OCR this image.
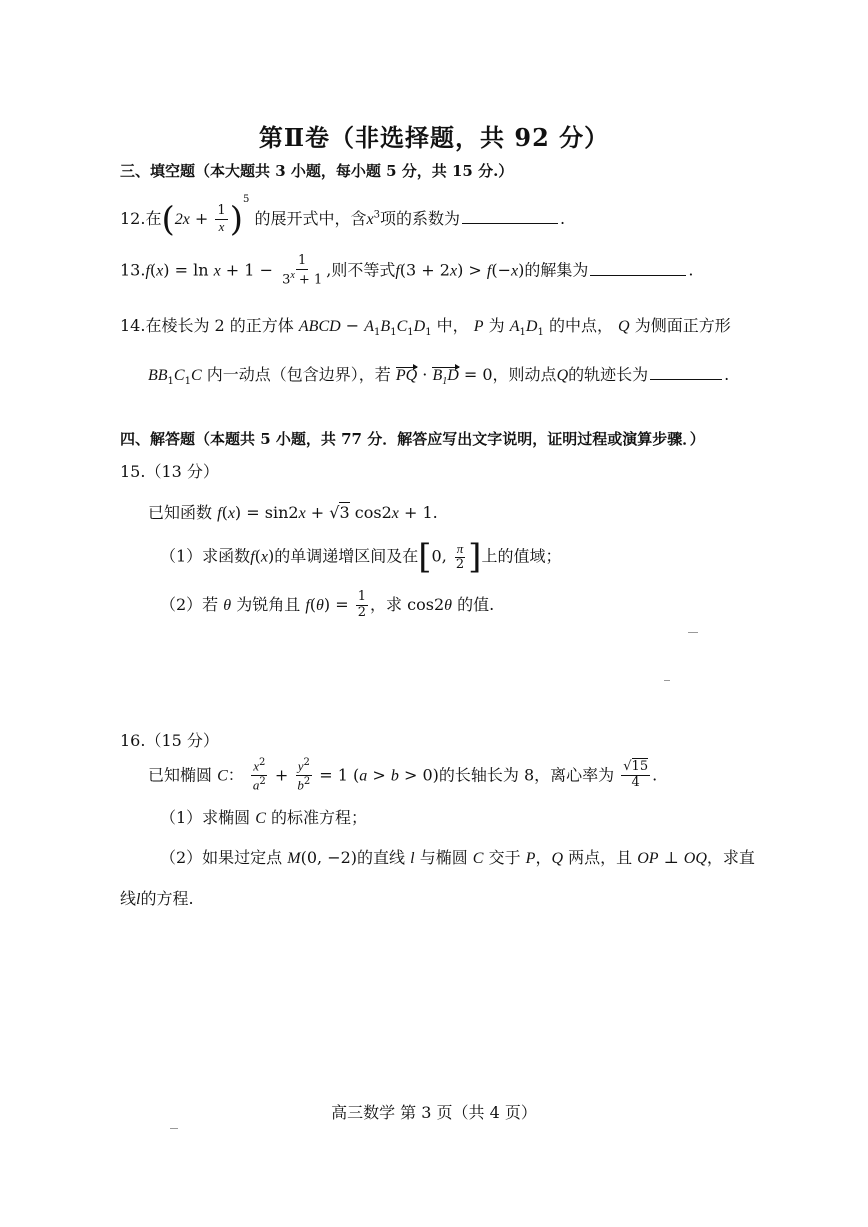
第Ⅱ卷（非选择题，共 92 分）
三、填空题（本大题共 3 小题，每小题 5 分，共 15 分.）
12.在$(2x + \frac{1}{x} )^5$ 的展开式中，含$x^3$项的系数为	.
$13.f(x) = \ln x + 1 - \frac{1}{3^x + 1}$ ,则不等式f(3 + 2x) > f(−x)的解集为	.
14.在棱长为 2 的正方体 ABCD − $A_1B_1C_1D_1$ 中， P 为 $A_1D_1$ 的中点， Q 为侧面正方形
$BB_1C_1C$ 内一动点（包含边界），若 PQ · $B_1D = 0$，则动点Q的轨迹长为	.
四、解答题（本题共 5 小题，共 77 分．解答应写出文字说明，证明过程或演算步骤．）
15.（13 分）
已知函数 f(x) = sin2x + √3 cos2x + 1.
（1）求函数f(x)的单调递增区间及在[0, $\frac{\pi}{2}$ ]上的值域；
（2）若 θ 为锐角且 $f(\theta) = \frac{1}{2}$ ，求 cos2θ 的值.
16.（15 分）
已知椭圆 C： $\frac{x^2}{a^2} + \frac{y^2}{b^2} = 1$ (a > b > 0)的长轴长为 8，离心率为 $\frac{√15}{4}$ .
（1）求椭圆 C 的标准方程；
（2）如果过定点 M(0, −2)的直线 l 与椭圆 C 交于 P，Q 两点，且 OP ⊥ OQ，求直
线l的方程.
高三数学 第 3 页（共 4 页）
